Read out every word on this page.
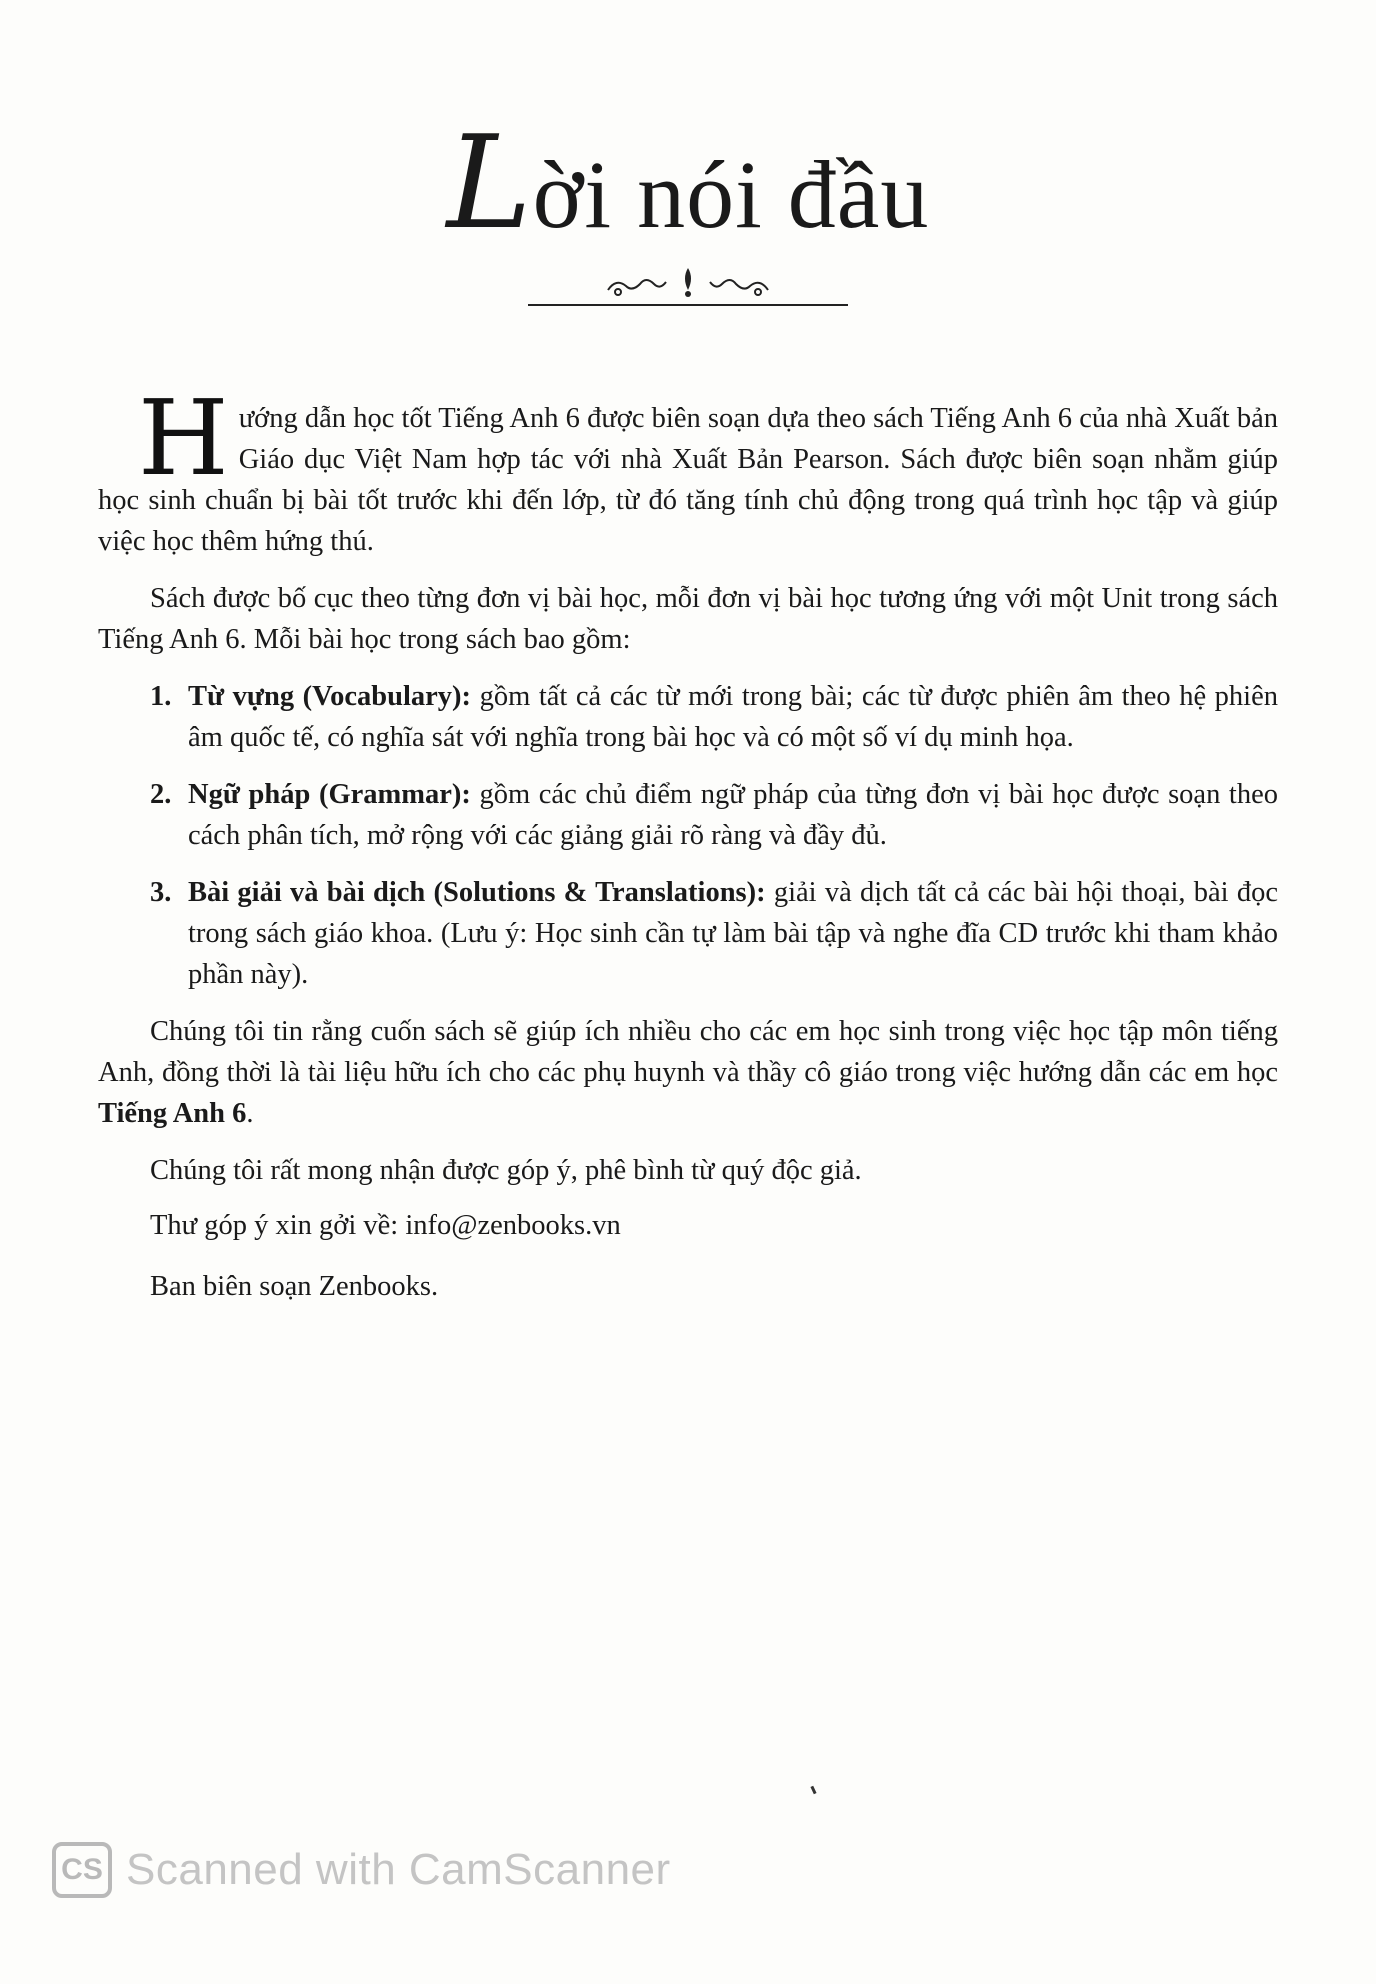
Lời nói đầu

Hướng dẫn học tốt Tiếng Anh 6 được biên soạn dựa theo sách Tiếng Anh 6 của nhà Xuất bản Giáo dục Việt Nam hợp tác với nhà Xuất Bản Pearson. Sách được biên soạn nhằm giúp học sinh chuẩn bị bài tốt trước khi đến lớp, từ đó tăng tính chủ động trong quá trình học tập và giúp việc học thêm hứng thú.

Sách được bố cục theo từng đơn vị bài học, mỗi đơn vị bài học tương ứng với một Unit trong sách Tiếng Anh 6. Mỗi bài học trong sách bao gồm:

1. Từ vựng (Vocabulary): gồm tất cả các từ mới trong bài; các từ được phiên âm theo hệ phiên âm quốc tế, có nghĩa sát với nghĩa trong bài học và có một số ví dụ minh họa.
2. Ngữ pháp (Grammar): gồm các chủ điểm ngữ pháp của từng đơn vị bài học được soạn theo cách phân tích, mở rộng với các giảng giải rõ ràng và đầy đủ.
3. Bài giải và bài dịch (Solutions & Translations): giải và dịch tất cả các bài hội thoại, bài đọc trong sách giáo khoa. (Lưu ý: Học sinh cần tự làm bài tập và nghe đĩa CD trước khi tham khảo phần này).

Chúng tôi tin rằng cuốn sách sẽ giúp ích nhiều cho các em học sinh trong việc học tập môn tiếng Anh, đồng thời là tài liệu hữu ích cho các phụ huynh và thầy cô giáo trong việc hướng dẫn các em học Tiếng Anh 6.

Chúng tôi rất mong nhận được góp ý, phê bình từ quý độc giả.

Thư góp ý xin gởi về: info@zenbooks.vn

Ban biên soạn Zenbooks.

CS Scanned with CamScanner
